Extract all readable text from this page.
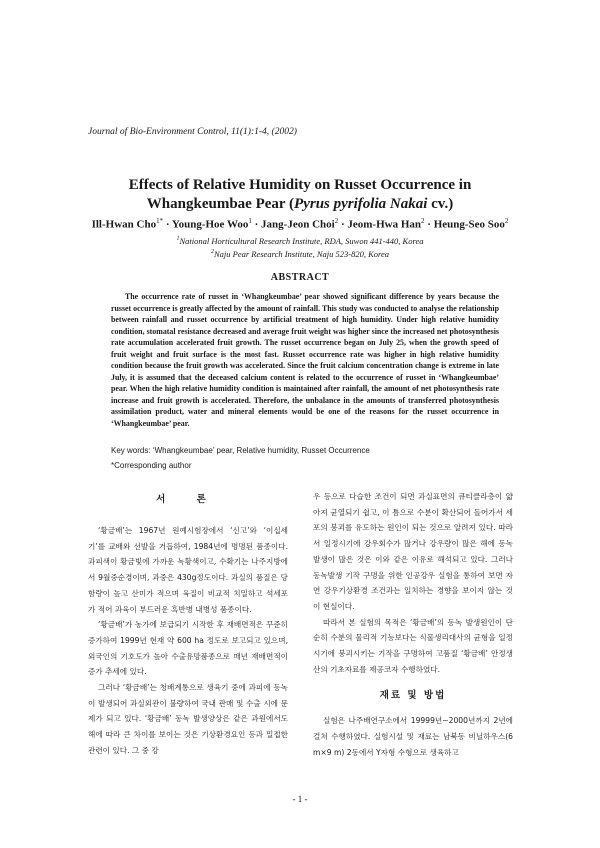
Journal of Bio-Environment Control, 11(1):1-4, (2002)
Effects of Relative Humidity on Russet Occurrence in
Whangkeumbae Pear (Pyrus pyrifolia Nakai cv.)
Ill-Hwan Cho$^{1*}$ · Young-Hoe Woo$^1$ · Jang-Jeon Choi$^2$ · Jeom-Hwa Han$^2$ · Heung-Seo Soo$^2$
$^1$National Horticultural Research Institute, RDA, Suwon 441-440, Korea
$^2$Naju Pear Research Institute, Naju 523-820, Korea
ABSTRACT
The occurrence rate of russet in ‘Whangkeumbae’ pear showed significant difference by years because the russet occurrence is greatly affected by the amount of rainfall. This study was conducted to analyse the relationship between rainfall and russet occurrence by artificial treatment of high humidity. Under high relative humidity condition, stomatal resistance decreased and average fruit weight was higher since the increased net photosynthesis rate accumulation accelerated fruit growth. The russet occurrence began on July 25, when the growth speed of fruit weight and fruit surface is the most fast. Russet occurrence rate was higher in high relative humidity condition because the fruit growth was accelerated. Since the fruit calcium concentration change is extreme in late July, it is assumed that the deceased calcium content is related to the occurrence of russet in ‘Whangkeumbae’ pear. When the high relative humidity condition is maintained after rainfall, the amount of net photosynthesis rate increase and fruit growth is accelerated. Therefore, the unbalance in the amounts of transferred photosynthesis assimilation product, water and mineral elements would be one of the reasons for the russet occurrence in ‘Whangkeumbae’ pear.
Key words: ‘Whangkeumbae’ pear, Relative humidity, Russet Occurrence
*Corresponding author
서 론

‘황금배’는 1967년 원예시험장에서 ‘신고’와 ‘이십세기’를 교배와 선발을 거듭하여, 1984년에 명명된 품종이다. 과피색이 황금빛에 가까운 녹황색이고, 수확기는 나주지방에서 9월중순경이며, 과중은 430g정도이다. 과실의 품질은 당함량이 높고 산미가 적으며 육질이 비교적 치밀하고 석세포가 적어 과육이 부드러운 흑반병 내병성 품종이다.

‘황금배’가 농가에 보급되기 시작한 후 재배면적은 꾸준히 증가하여 1999년 현재 약 600 ha 정도로 보고되고 있으며, 외국인의 기호도가 높아 수출유망품종으로 매년 재배면적이 증가 추세에 있다.

그러나 ‘황금배’는 청배계통으로 생육기 중에 과피에 동녹이 발생되어 과실외관이 불량하여 국내 판매 및 수출 시에 문제가 되고 있다. ‘황금배’ 동녹 발생양상은 같은 과원에서도 해에 따라 큰 차이를 보이는 것은 기상환경요인 등과 밀접한 관련이 있다. 그 중 강

우 등으로 다습한 조건이 되면 과실표면의 큐티클라층이 얇아져 균열되기 쉽고, 이 틈으로 수분이 확산되어 들어가서 세포의 붕괴를 유도하는 원인이 되는 것으로 알려져 있다. 따라서 일정시기에 강우회수가 많거나 강우량이 많은 해에 동녹 발생이 많은 것은 이와 같은 이유로 해석되고 있다. 그러나 동녹발생 기작 구명을 위한 인공강우 실험을 통하여 보면 자연 강우기상환경 조건과는 일치하는 경향을 보이지 않는 것이 현실이다.

따라서 본 실험의 목적은 ‘황금배’의 동녹 발생원인이 단순히 수분의 물리적 기능보다는 식물생리대사의 균형을 일정시기에 붕괴시키는 기작을 구명하여 고품질 ‘황금배’ 안정생산의 기초자료를 제공코자 수행하였다.

재료 및 방법

실험은 나주배연구소에서 19999년∼2000년까지 2년에 걸쳐 수행하였다. 실험시설 및 재료는 남북동 비닐하우스(6 m×9 m) 2동에서 Y자형 수형으로 생육하고

- 1 -
